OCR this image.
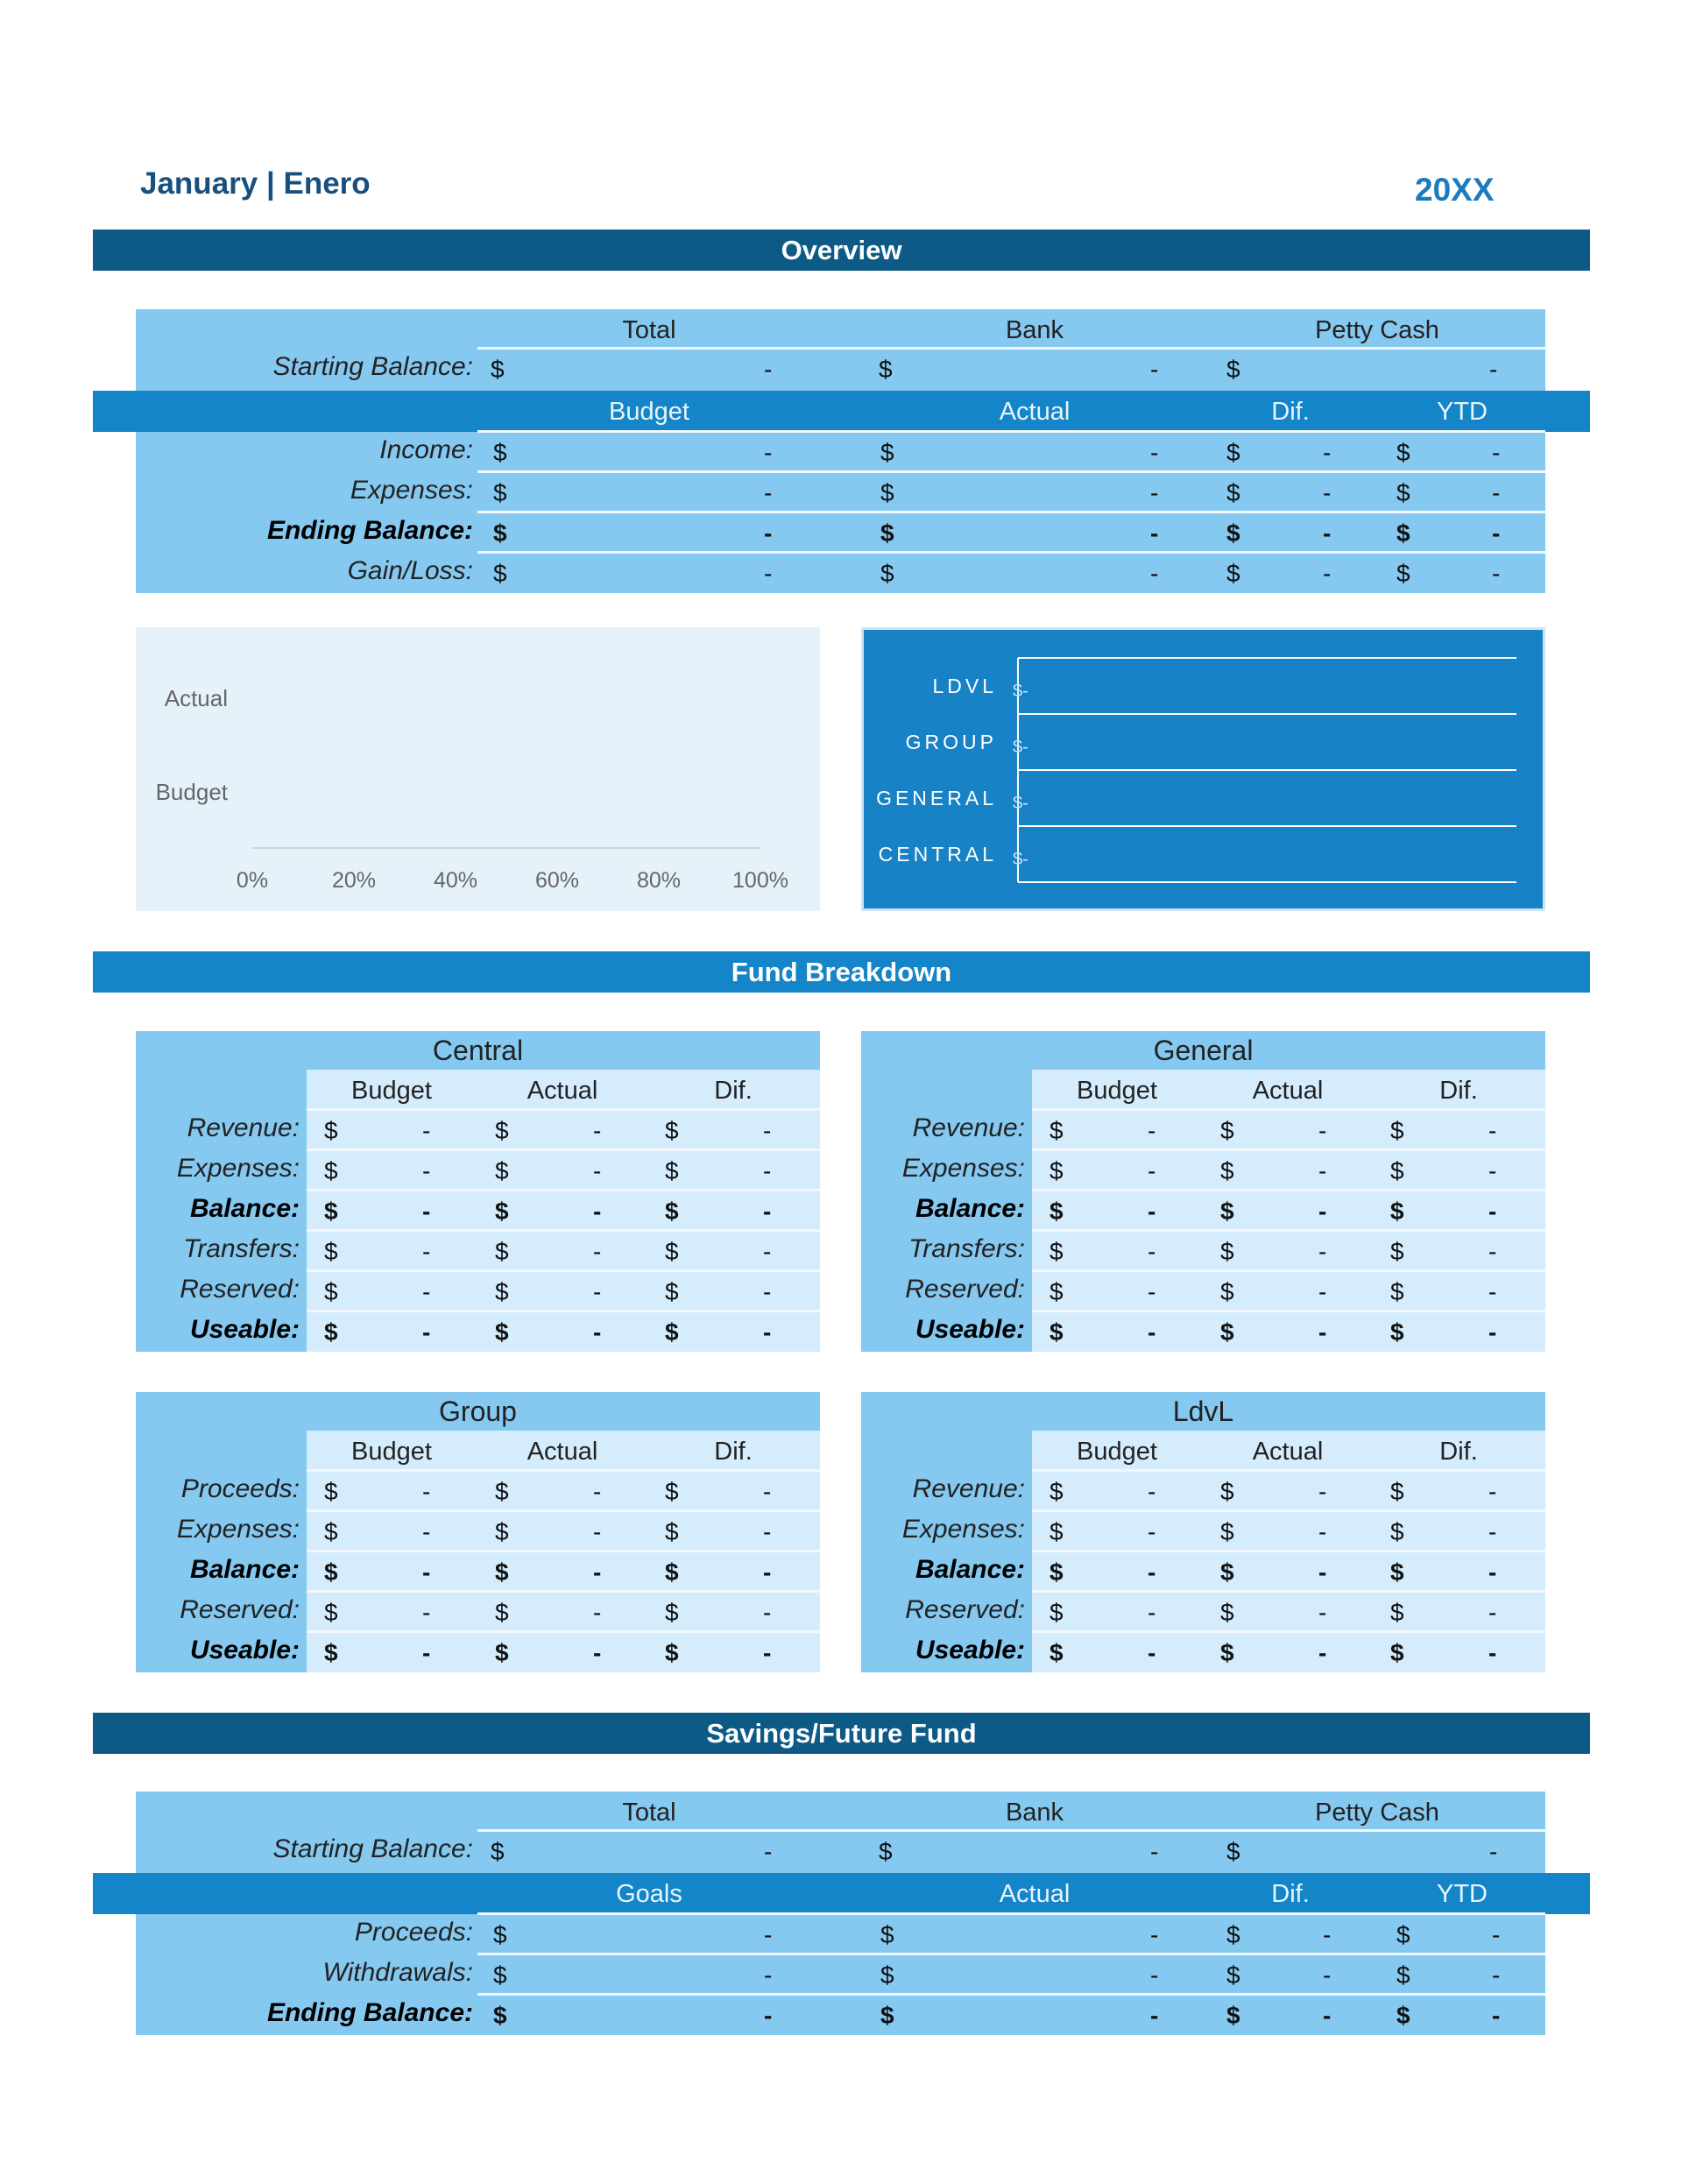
January | Enero	20XX
Overview
Total	Bank	Petty Cash
Starting Balance: $	-	$	-	$	-
Budget	Actual	Dif.	YTD
Income: $	-	$	-	$	-	$	-
Expenses: $	-	$	-	$	-	$	-
Ending Balance: $	-	$	-	$	-	$	-
Gain/Loss: $	-	$	-	$	-	$	-
Actual
Budget
0%	20%	40%	60%	80% 100%
LDVL $-
GROUP $-
GENERAL $-
CENTRAL $-
Fund Breakdown
Central
Budget	Actual	Dif.
Revenue: $	-	$	-	$	-
Expenses: $	-	$	-	$	-
Balance: $	-	$	-	$	-
Transfers: $	-	$	-	$	-
Reserved: $	-	$	-	$	-
Useable: $	-	$	-	$	-
General
Budget	Actual	Dif.
Revenue: $	-	$	-	$	-
Expenses: $	-	$	-	$	-
Balance: $	-	$	-	$	-
Transfers: $	-	$	-	$	-
Reserved: $	-	$	-	$	-
Useable: $	-	$	-	$	-
Group
Budget	Actual	Dif.
Proceeds: $	-	$	-	$	-
Expenses: $	-	$	-	$	-
Balance: $	-	$	-	$	-
Reserved: $	-	$	-	$	-
Useable: $	-	$	-	$	-
LdvL
Budget	Actual	Dif.
Revenue: $	-	$	-	$	-
Expenses: $	-	$	-	$	-
Balance: $	-	$	-	$	-
Reserved: $	-	$	-	$	-
Useable: $	-	$	-	$	-
Savings/Future Fund
Total	Bank	Petty Cash
Starting Balance: $	-	$	-	$	-
Goals	Actual	Dif.	YTD
Proceeds: $	-	$	-	$	-	$	-
Withdrawals: $	-	$	-	$	-	$	-
Ending Balance: $	-	$	-	$	-	$	-
